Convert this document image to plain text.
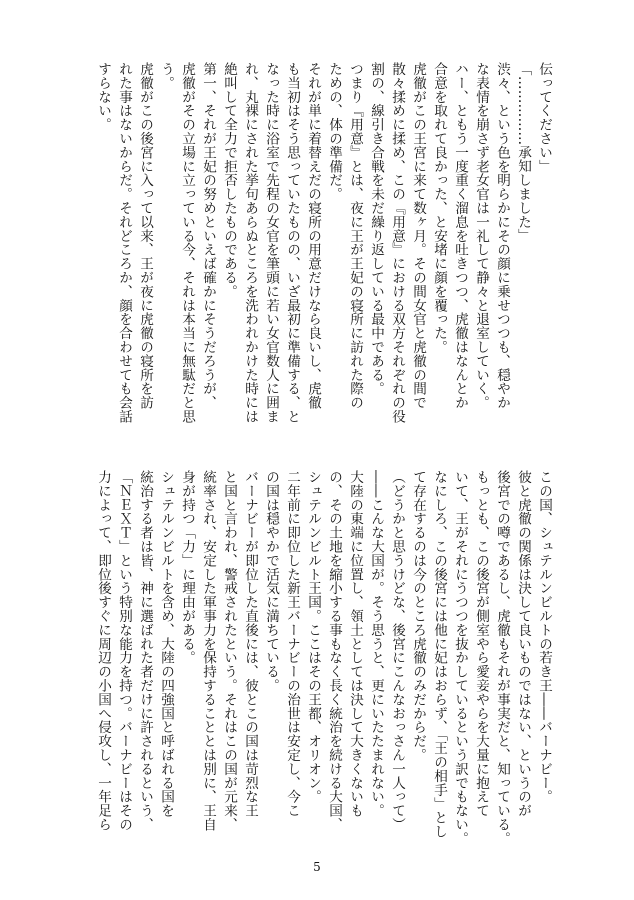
伝ってください」
「……………承知しました」
渋々、という色を明らかにその顔に乗せつつも、穏やか
な表情を崩さず老女官は一礼して静々と退室していく。
ハー、ともう一度重く溜息を吐きつつ、虎徹はなんとか
合意を取れて良かった、と安堵に顔を覆った。
虎徹がこの王宮に来て数ヶ月。その間女官と虎徹の間で
散々揉めに揉め、この『用意』における双方それぞれの役
割の、線引き合戦を未だ繰り返している最中である。
つまり『用意』とは、夜に王が王妃の寝所に訪れた際の
ための、体の準備だ。
それが単に着替えだの寝所の用意だけなら良いし、虎徹
も当初はそう思っていたものの、いざ最初に準備する、と
なった時に浴室で先程の女官を筆頭に若い女官数人に囲ま
れ、丸裸にされた挙句あらぬところを洗われかけた時には
絶叫して全力で拒否したものである。
第一、それが王妃の努めといえば確かにそうだろうが、
虎徹がその立場に立っている今、それは本当に無駄だと思
う。
虎徹がこの後宮に入って以来、王が夜に虎徹の寝所を訪
れた事はないからだ。それどころか、顔を合わせても会話
すらない。
この国、シュテルンビルトの若き王――バーナビー。
彼と虎徹の関係は決して良いものではない、というのが
後宮での噂であるし、虎徹もそれが事実だと、知っている。
もっとも、この後宮が側室やら愛妾やらを大量に抱えて
いて、王がそれにうつつを抜かしているという訳でもない。
なにしろ、この後宮には他に妃はおらず、「王の相手」とし
て存在するのは今のところ虎徹のみだからだ。
（どうかと思うけどな、後宮にこんなおっさん一人って）
――こんな大国が。そう思うと、更にいたたまれない。
大陸の東端に位置し、領土としては決して大きくないも
の、その土地を縮小する事もなく長く統治を続ける大国、
シュテルンビルト王国。ここはその王都、オリオン。
二年前に即位した新王バーナビーの治世は安定し、今こ
の国は穏やかで活気に満ちている。
バーナビーが即位した直後には、彼とこの国は苛烈な王
と国と言われ、警戒されたという。それはこの国が元来、
統率され、安定した軍事力を保持することとは別に、王自
身が持つ「力」に理由がある。
シュテルンビルトを含め、大陸の四強国と呼ばれる国を
統治する者は皆、神に選ばれた者だけに許されるという、
「ＮＥＸＴ」という特別な能力を持つ。バーナビーはその
力によって、即位後すぐに周辺の小国へ侵攻し、一年足ら
5
